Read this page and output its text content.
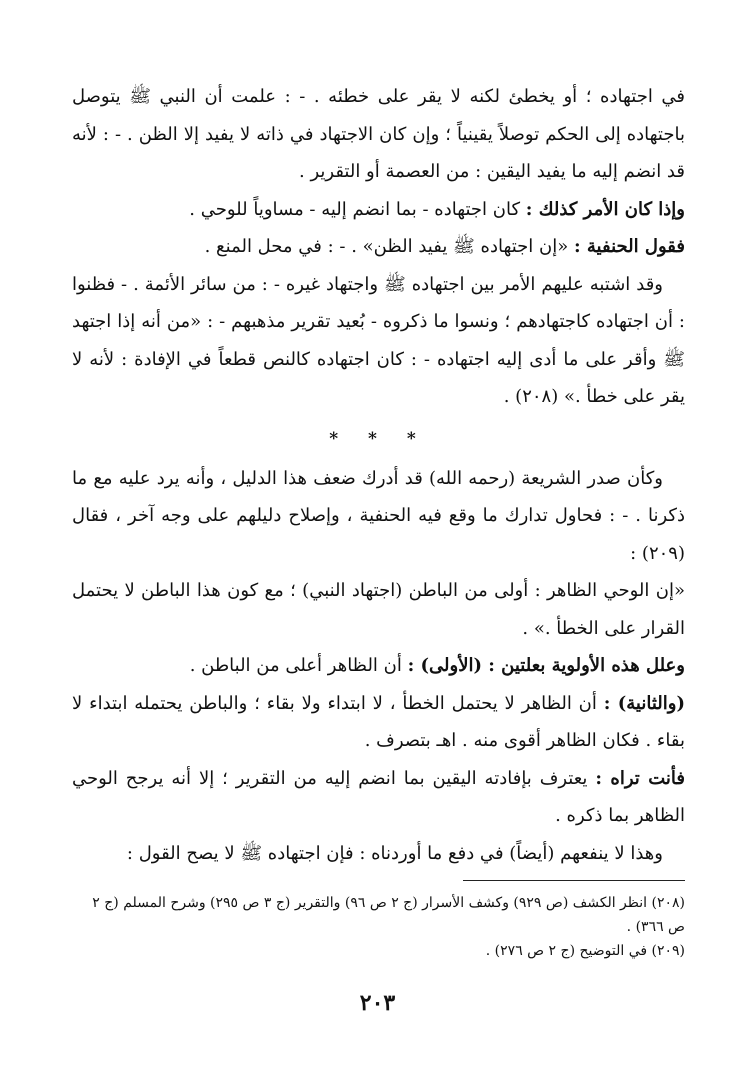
في اجتهاده ؛ أو يخطئ لكنه لا يقر على خطئه . - : علمت أن النبي ﷺ يتوصل باجتهاده إلى الحكم توصلاً يقينياً ؛ وإن كان الاجتهاد في ذاته لا يفيد إلا الظن . - : لأنه قد انضم إليه ما يفيد اليقين : من العصمة أو التقرير .

وإذا كان الأمر كذلك : كان اجتهاده - بما انضم إليه - مساوياً للوحي .

فقول الحنفية : «إن اجتهاده ﷺ يفيد الظن» . - : في محل المنع .

وقد اشتبه عليهم الأمر بين اجتهاده ﷺ واجتهاد غيره - : من سائر الأئمة . - فظنوا : أن اجتهاده كاجتهادهم ؛ ونسوا ما ذكروه - بُعيد تقرير مذهبهم - : «من أنه إذا اجتهد ﷺ وأقر على ما أدى إليه اجتهاده - : كان اجتهاده كالنص قطعاً في الإفادة : لأنه لا يقر على خطأ .» (٢٠٨) .

* * *

وكأن صدر الشريعة (رحمه الله) قد أدرك ضعف هذا الدليل ، وأنه يرد عليه مع ما ذكرنا . - : فحاول تدارك ما وقع فيه الحنفية ، وإصلاح دليلهم على وجه آخر ، فقال (٢٠٩) :

«إن الوحي الظاهر : أولى من الباطن (اجتهاد النبي) ؛ مع كون هذا الباطن لا يحتمل القرار على الخطأ .» .

وعلل هذه الأولوية بعلتين : (الأولى) : أن الظاهر أعلى من الباطن .

(والثانية) : أن الظاهر لا يحتمل الخطأ ، لا ابتداء ولا بقاء ؛ والباطن يحتمله ابتداء لا بقاء . فكان الظاهر أقوى منه . اهـ بتصرف .

فأنت تراه : يعترف بإفادته اليقين بما انضم إليه من التقرير ؛ إلا أنه يرجح الوحي الظاهر بما ذكره .

وهذا لا ينفعهم (أيضاً) في دفع ما أوردناه : فإن اجتهاده ﷺ لا يصح القول :

(٢٠٨) انظر الكشف (ص ٩٢٩) وكشف الأسرار (ج ٢ ص ٩٦) والتقرير (ج ٣ ص ٢٩٥) وشرح المسلم (ج ٢ ص ٣٦٦) .

(٢٠٩) في التوضيح (ج ٢ ص ٢٧٦) .

٢٠٣
